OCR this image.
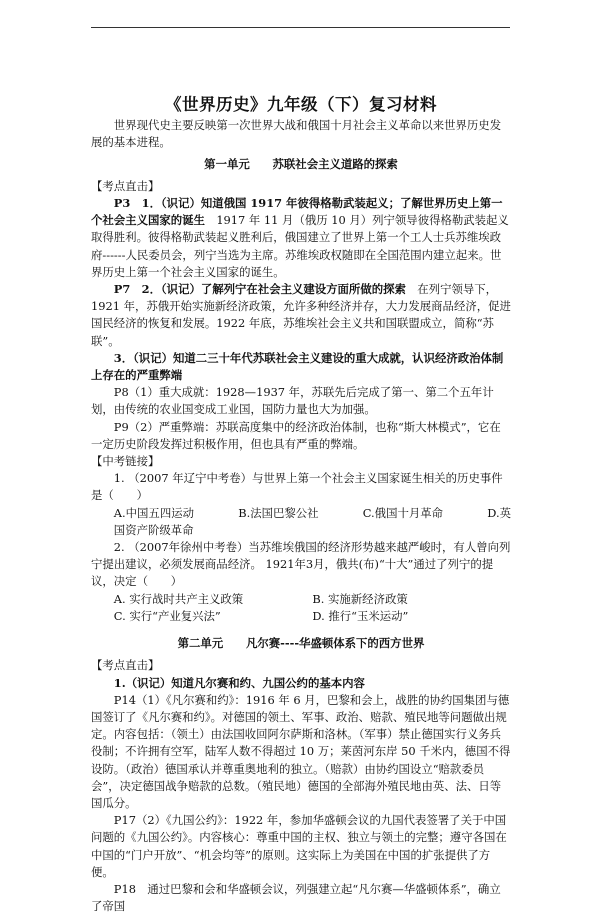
《世界历史》九年级（下）复习材料

世界现代史主要反映第一次世界大战和俄国十月社会主义革命以来世界历史发展的基本进程。

第一单元　　苏联社会主义道路的探索

【考点直击】

P3　1．（识记）知道俄国 1917 年彼得格勒武装起义；了解世界历史上第一个社会主义国家的诞生　1917 年 11 月（俄历 10 月）列宁领导彼得格勒武装起义取得胜利。彼得格勒武装起义胜利后，俄国建立了世界上第一个工人士兵苏维埃政府------人民委员会，列宁当选为主席。苏维埃政权随即在全国范围内建立起来。世界历史上第一个社会主义国家的诞生。

P7　2．（识记）了解列宁在社会主义建设方面所做的探索　在列宁领导下，1921 年，苏俄开始实施新经济政策，允许多种经济并存，大力发展商品经济，促进国民经济的恢复和发展。1922 年底，苏维埃社会主义共和国联盟成立，简称“苏联”。

3．（识记）知道二三十年代苏联社会主义建设的重大成就，认识经济政治体制上存在的严重弊端

P8（1）重大成就：1928—1937 年，苏联先后完成了第一、第二个五年计划，由传统的农业国变成工业国，国防力量也大为加强。

P9（2）严重弊端：苏联高度集中的经济政治体制，也称“斯大林模式”，它在一定历史阶段发挥过积极作用，但也具有严重的弊端。

【中考链接】

1. （2007 年辽宁中考卷）与世界上第一个社会主义国家诞生相关的历史事件是（　　）

A.中国五四运动	B.法国巴黎公社	C.俄国十月革命	D.英

国资产阶级革命

2. （2007年徐州中考卷）当苏维埃俄国的经济形势越来越严峻时，有人曾向列宁提出建议，必须发展商品经济。 1921年3月，俄共(布)“十大”通过了列宁的提议，决定（　　）

A. 实行战时共产主义政策	B. 实施新经济政策
C. 实行“产业复兴法”	D. 推行“玉米运动”
第二单元　　凡尔赛----华盛顿体系下的西方世界

【考点直击】

1.（识记）知道凡尔赛和约、九国公约的基本内容

P14（1）《凡尔赛和约》：1916 年 6 月，巴黎和会上，战胜的协约国集团与德国签订了《凡尔赛和约》。对德国的领土、军事、政治、赔款、殖民地等问题做出规定。内容包括：（领土）由法国收回阿尔萨斯和洛林。（军事）禁止德国实行义务兵役制；不许拥有空军，陆军人数不得超过 10 万；莱茵河东岸 50 千米内，德国不得设防。（政治）德国承认并尊重奥地利的独立。（赔款）由协约国设立“赔款委员会”，决定德国战争赔款的总数。（殖民地）德国的全部海外殖民地由英、法、日等国瓜分。

P17（2）《九国公约》：1922 年，参加华盛顿会议的九国代表签署了关于中国问题的《九国公约》。内容核心：尊重中国的主权、独立与领土的完整；遵守各国在中国的“门户开放”、“机会均等”的原则。这实际上为美国在中国的扩张提供了方便。

P18　通过巴黎和会和华盛顿会议，列强建立起“凡尔赛—华盛顿体系”，确立了帝国
